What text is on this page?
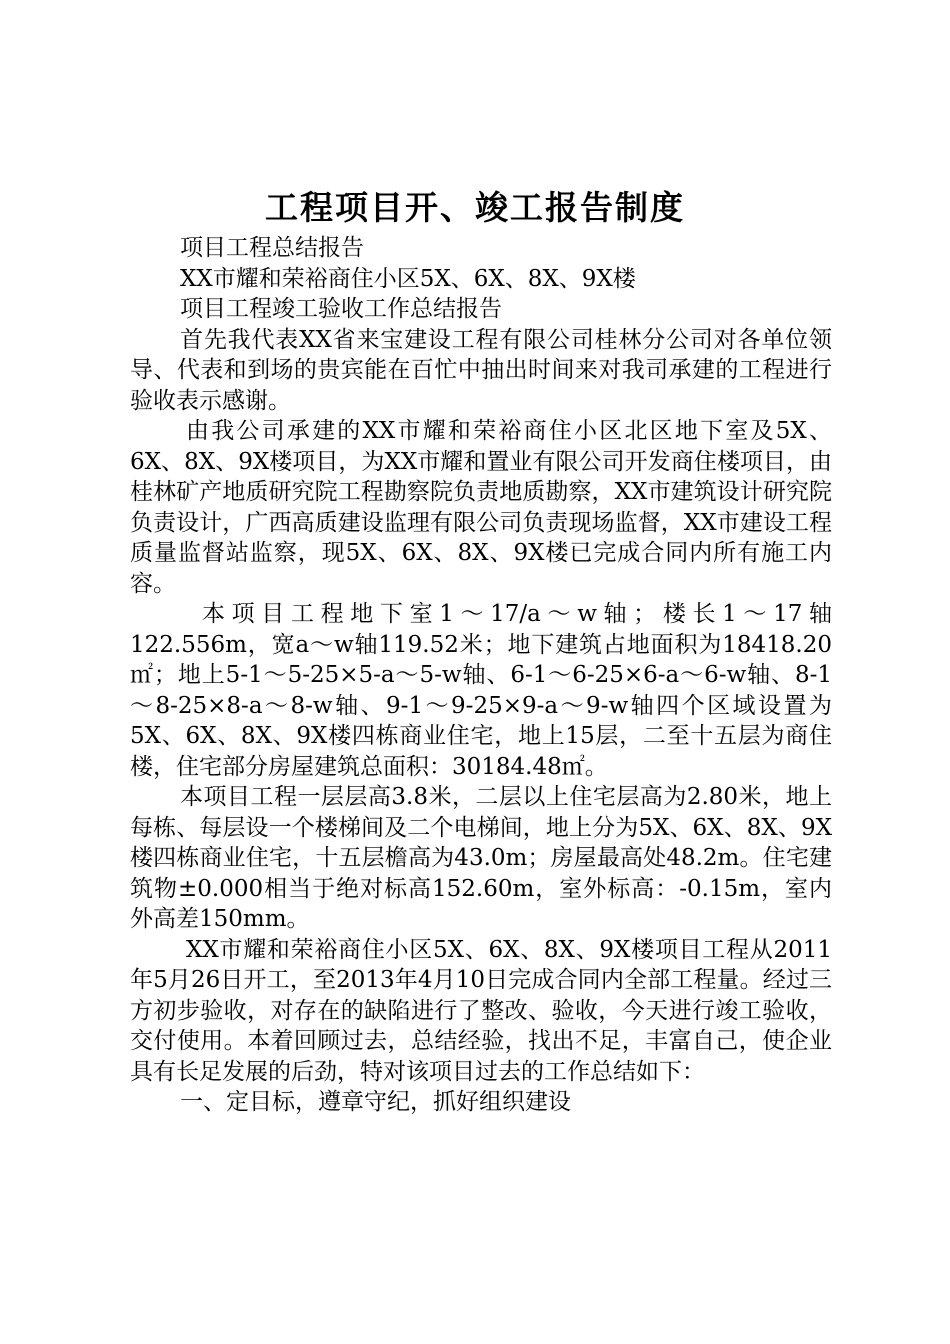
工程项目开、竣工报告制度

项目工程总结报告

XX市耀和荣裕商住小区5X、6X、8X、9X楼

项目工程竣工验收工作总结报告

首先我代表XX省来宝建设工程有限公司桂林分公司对各单位领导、代表和到场的贵宾能在百忙中抽出时间来对我司承建的工程进行验收表示感谢。

由我公司承建的XX市耀和荣裕商住小区北区地下室及5X、6X、8X、9X楼项目，为XX市耀和置业有限公司开发商住楼项目，由桂林矿产地质研究院工程勘察院负责地质勘察，XX市建筑设计研究院负责设计，广西高质建设监理有限公司负责现场监督，XX市建设工程质量监督站监察，现5X、6X、8X、9X楼已完成合同内所有施工内容。

本项目工程地下室1～17/a～w轴；楼长1～17轴122.556m，宽a～w轴119.52米；地下建筑占地面积为18418.20㎡；地上5-1～5-25×5-a～5-w轴、6-1～6-25×6-a～6-w轴、8-1～8-25×8-a～8-w轴、9-1～9-25×9-a～9-w轴四个区域设置为5X、6X、8X、9X楼四栋商业住宅，地上15层，二至十五层为商住楼，住宅部分房屋建筑总面积：30184.48㎡。

本项目工程一层层高3.8米，二层以上住宅层高为2.80米，地上每栋、每层设一个楼梯间及二个电梯间，地上分为5X、6X、8X、9X楼四栋商业住宅，十五层檐高为43.0m；房屋最高处48.2m。住宅建筑物±0.000相当于绝对标高152.60m，室外标高：-0.15m，室内外高差150mm。

XX市耀和荣裕商住小区5X、6X、8X、9X楼项目工程从2011年5月26日开工，至2013年4月10日完成合同内全部工程量。经过三方初步验收，对存在的缺陷进行了整改、验收，今天进行竣工验收，交付使用。本着回顾过去，总结经验，找出不足，丰富自己，使企业具有长足发展的后劲，特对该项目过去的工作总结如下：

一、定目标，遵章守纪，抓好组织建设
